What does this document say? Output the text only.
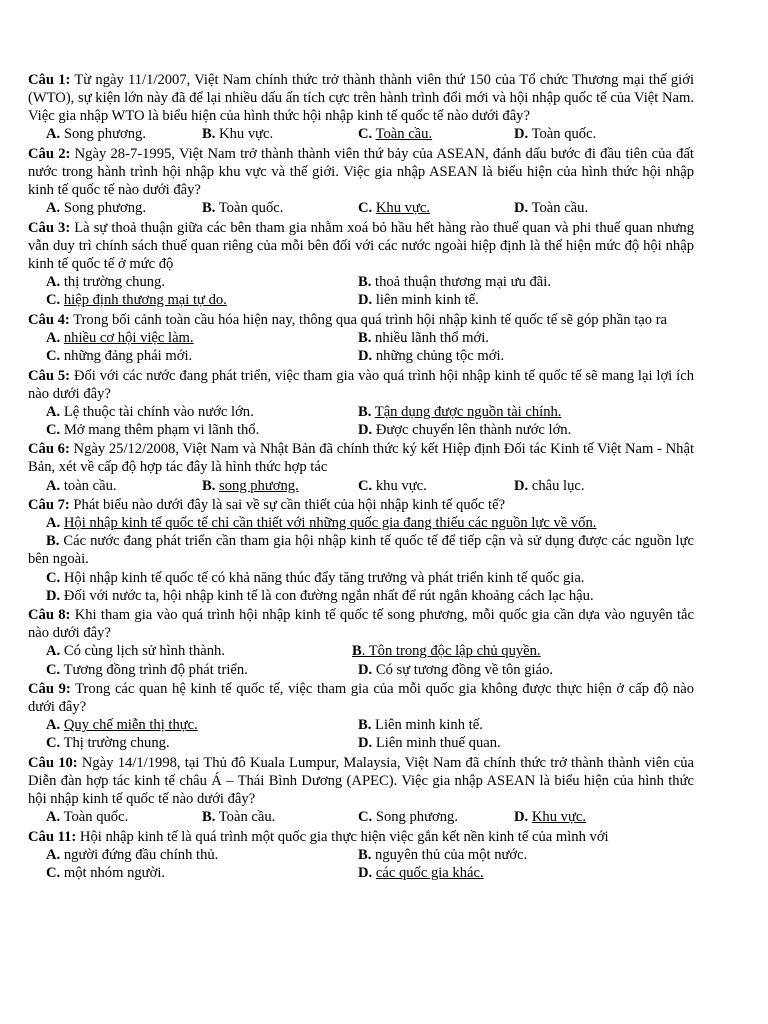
Câu 1: Từ ngày 11/1/2007, Việt Nam chính thức trở thành thành viên thứ 150 của Tổ chức Thương mại thế giới (WTO), sự kiện lớn này đã để lại nhiều dấu ấn tích cực trên hành trình đổi mới và hội nhập quốc tế của Việt Nam. Việc gia nhập WTO là biểu hiện của hình thức hội nhập kinh tế quốc tế nào dưới đây?
A. Song phương.	B. Khu vực.	C. Toàn cầu.	D. Toàn quốc.
Câu 2: Ngày 28-7-1995, Việt Nam trở thành thành viên thứ bảy của ASEAN, đánh dấu bước đi đầu tiên của đất nước trong hành trình hội nhập khu vực và thế giới. Việc gia nhập ASEAN là biểu hiện của hình thức hội nhập kinh tế quốc tế nào dưới đây?
A. Song phương.	B. Toàn quốc.	C. Khu vực.	D. Toàn cầu.
Câu 3: Là sự thoả thuận giữa các bên tham gia nhằm xoá bỏ hầu hết hàng rào thuế quan và phi thuế quan nhưng vẫn duy trì chính sách thuế quan riêng của mỗi bên đối với các nước ngoài hiệp định là thể hiện mức độ hội nhập kinh tế quốc tế ở mức độ
A. thị trường chung.	B. thoả thuận thương mại ưu đãi.
C. hiệp định thương mại tự do.	D. liên minh kinh tế.
Câu 4: Trong bối cảnh toàn cầu hóa hiện nay, thông qua quá trình hội nhập kinh tế quốc tế sẽ góp phần tạo ra
A. nhiều cơ hội việc làm.	B. nhiều lãnh thổ mới.
C. những đảng phái mới.	D. những chủng tộc mới.
Câu 5: Đối với các nước đang phát triển, việc tham gia vào quá trình hội nhập kinh tế quốc tế sẽ mang lại lợi ích nào dưới đây?
A. Lệ thuộc tài chính vào nước lớn.	B. Tận dụng được nguồn tài chính.
C. Mở mang thêm phạm vi lãnh thổ.	D. Được chuyển lên thành nước lớn.
Câu 6: Ngày 25/12/2008, Việt Nam và Nhật Bản đã chính thức ký kết Hiệp định Đối tác Kinh tế Việt Nam - Nhật Bản, xét về cấp độ hợp tác đây là hình thức hợp tác
A. toàn cầu.	B. song phương.	C. khu vực.	D. châu lục.
Câu 7: Phát biểu nào dưới đây là sai về sự cần thiết của hội nhập kinh tế quốc tế?
A. Hội nhập kinh tế quốc tế chỉ cần thiết với những quốc gia đang thiếu các nguồn lực về vốn.
B. Các nước đang phát triển cần tham gia hội nhập kinh tế quốc tế để tiếp cận và sử dụng được các nguồn lực bên ngoài.
C. Hội nhập kinh tế quốc tế có khả năng thúc đẩy tăng trưởng và phát triển kinh tế quốc gia.
D. Đối với nước ta, hội nhập kinh tế là con đường ngắn nhất để rút ngắn khoảng cách lạc hậu.
Câu 8: Khi tham gia vào quá trình hội nhập kinh tế quốc tế song phương, mỗi quốc gia cần dựa vào nguyên tắc nào dưới đây?
A. Có cùng lịch sử hình thành.	B. Tôn trong độc lập chủ quyền.
C. Tương đồng trình độ phát triển.	D. Có sự tương đồng về tôn giáo.
Câu 9: Trong các quan hệ kinh tế quốc tế, việc tham gia của mỗi quốc gia không được thực hiện ở cấp độ nào dưới đây?
A. Quy chế miễn thị thực.	B. Liên minh kinh tế.
C. Thị trường chung.	D. Liên minh thuế quan.
Câu 10: Ngày 14/1/1998, tại Thủ đô Kuala Lumpur, Malaysia, Việt Nam đã chính thức trở thành thành viên của Diễn đàn hợp tác kinh tế châu Á – Thái Bình Dương (APEC). Việc gia nhập ASEAN là biểu hiện của hình thức hội nhập kinh tế quốc tế nào dưới đây?
A. Toàn quốc.	B. Toàn cầu.	C. Song phương.	D. Khu vực.
Câu 11: Hội nhập kinh tế là quá trình một quốc gia thực hiện việc gắn kết nền kinh tế của mình với
A. người đứng đầu chính thủ.	B. nguyên thủ của một nước.
C. một nhóm người.	D. các quốc gia khác.
